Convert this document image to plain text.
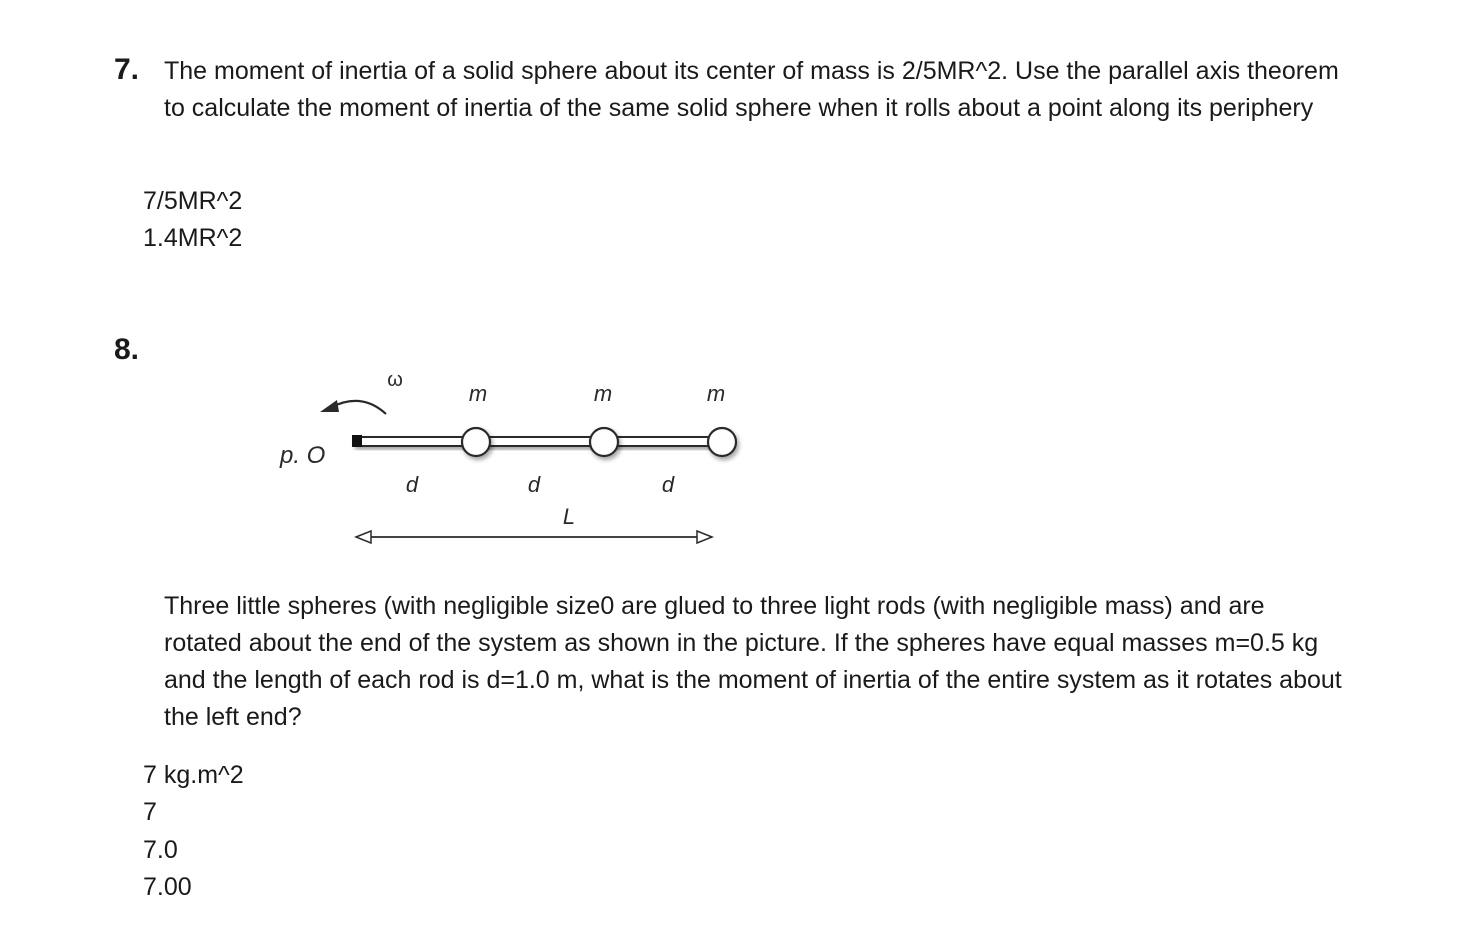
7. The moment of inertia of a solid sphere about its center of mass is 2/5MR^2. Use the parallel axis theorem to calculate the moment of inertia of the same solid sphere when it rolls about a point along its periphery
7/5MR^2
1.4MR^2
8.
ω
m	m	m
p. O
d	d	d
L
Three little spheres (with negligible size0 are glued to three light rods (with negligible mass) and are rotated about the end of the system as shown in the picture. If the spheres have equal masses m=0.5 kg and the length of each rod is d=1.0 m, what is the moment of inertia of the entire system as it rotates about the left end?
7 kg.m^2
7
7.0
7.00
